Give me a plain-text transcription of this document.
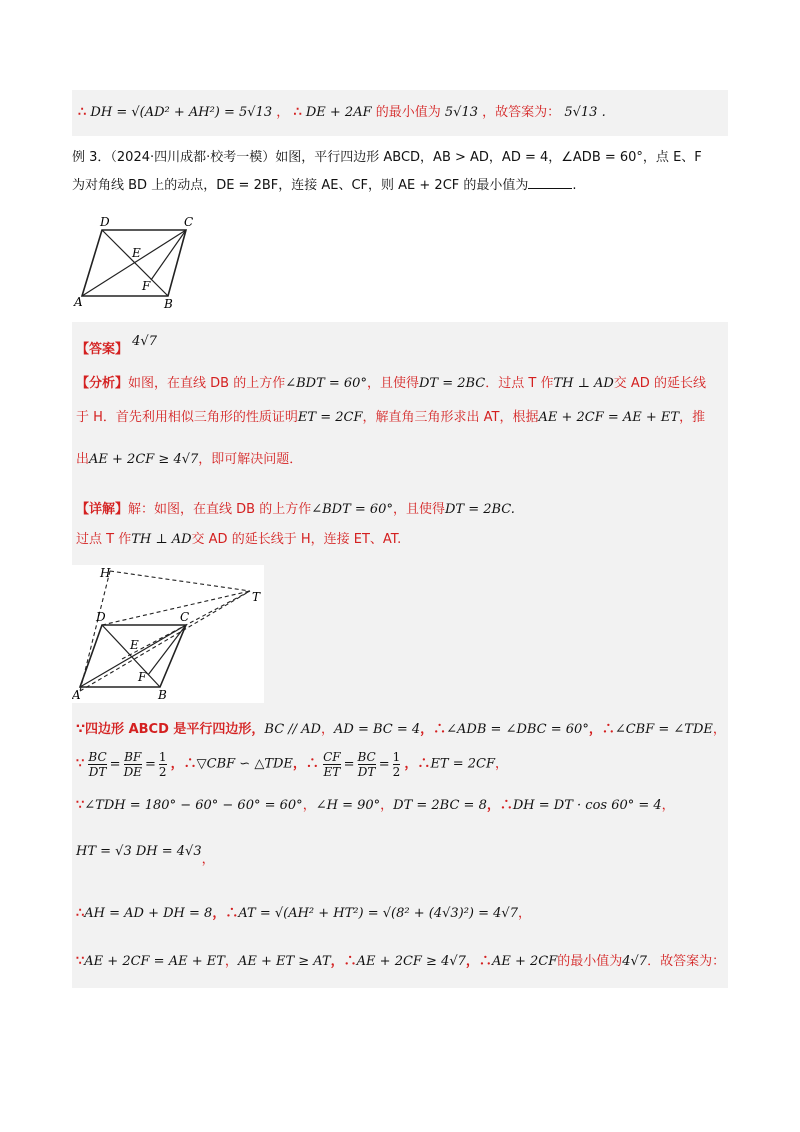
∴ DH = √(AD² + AH²) = 5√13 ， ∴ DE + 2AF 的最小值为 5√13 ，故答案为： 5√13 .
例 3．（2024·四川成都·校考一模）如图，平行四边形 ABCD，AB > AD，AD = 4，∠ADB = 60°，点 E、F
为对角线 BD 上的动点，DE = 2BF，连接 AE、CF，则 AE + 2CF 的最小值为	.
A	B
C
D
E
F
【答案】 4√7
【分析】如图，在直线 DB 的上方作∠BDT = 60°，且使得DT = 2BC．过点 T 作TH ⊥ AD交 AD 的延长线
于 H．首先利用相似三角形的性质证明ET = 2CF，解直角三角形求出 AT，根据AE + 2CF = AE + ET，推
出AE + 2CF ≥ 4√7，即可解决问题．
【详解】解：如图，在直线 DB 的上方作∠BDT = 60°，且使得DT = 2BC.
过点 T 作TH ⊥ AD交 AD 的延长线于 H，连接 ET、AT.
H
T
D	C
E
F
A	B
∵四边形 ABCD 是平行四边形，BC // AD，AD = BC = 4，∴∠ADB = ∠DBC = 60°，∴∠CBF = ∠TDE，
∵ $\frac{BC}{DT} = \frac{BF}{DE} = \frac{1}{2}$ ，∴▽CBF ∽ △TDE，∴ $\frac{CF}{ET} = \frac{BC}{DT} = \frac{1}{2}$ ，∴ET = 2CF，
∵∠TDH = 180° − 60° − 60° = 60°，∠H = 90°，DT = 2BC = 8，∴DH = DT · cos 60° = 4，
HT = √3 DH = 4√3，
∴AH = AD + DH = 8，∴AT = √(AH² + HT²) = √(8² + (4√3)²) = 4√7，
∵AE + 2CF = AE + ET，AE + ET ≥ AT，∴AE + 2CF ≥ 4√7，∴AE + 2CF的最小值为4√7．故答案为：
